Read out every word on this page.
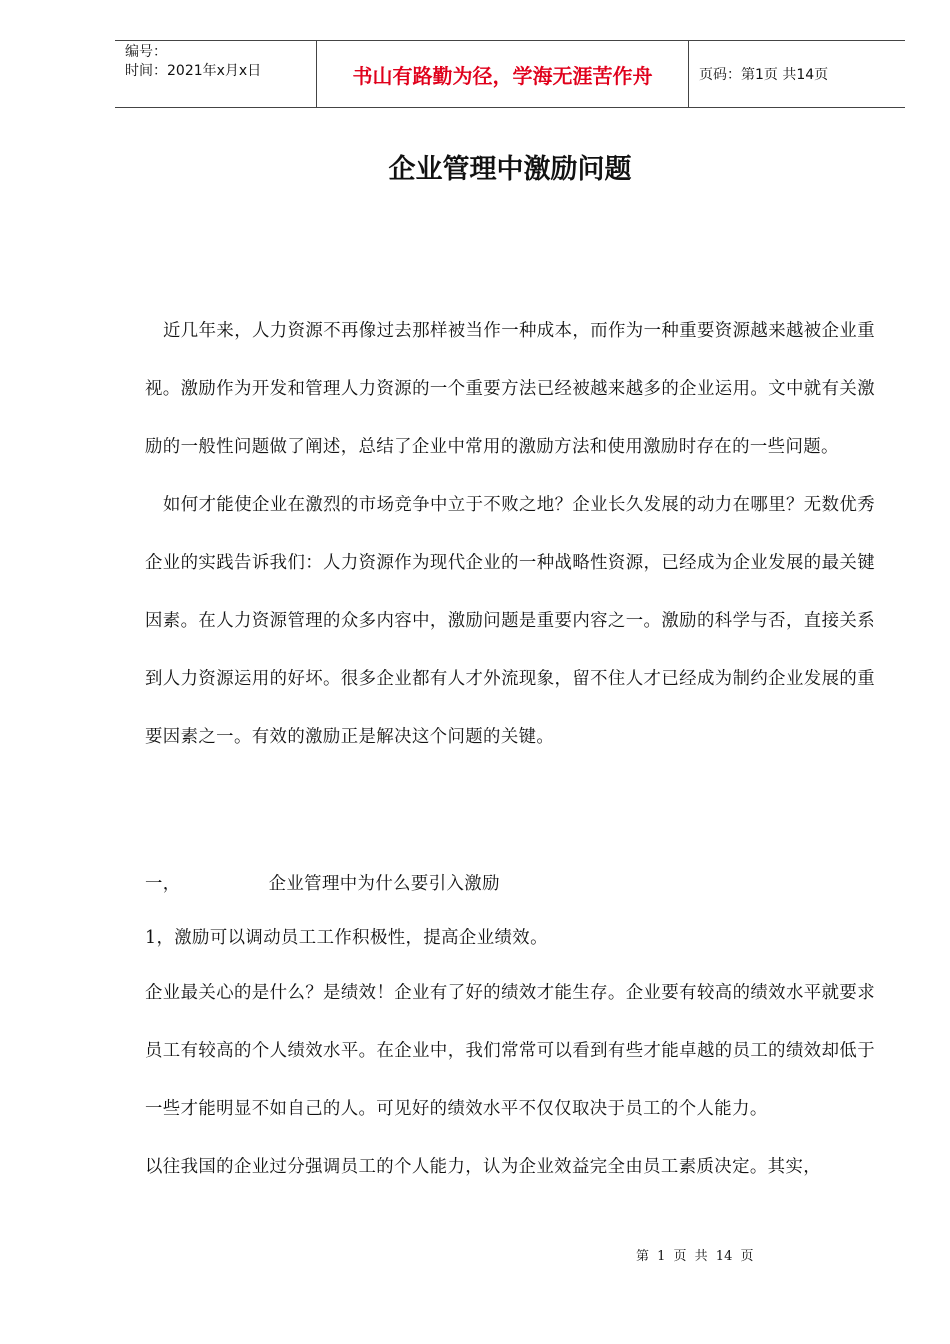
编号：
时间：2021年x月x日	书山有路勤为径，学海无涯苦作舟	页码：第1页 共14页
企业管理中激励问题

近几年来，人力资源不再像过去那样被当作一种成本，而作为一种重要资源越来越被企业重视。激励作为开发和管理人力资源的一个重要方法已经被越来越多的企业运用。文中就有关激励的一般性问题做了阐述，总结了企业中常用的激励方法和使用激励时存在的一些问题。

如何才能使企业在激烈的市场竞争中立于不败之地？企业长久发展的动力在哪里？无数优秀企业的实践告诉我们：人力资源作为现代企业的一种战略性资源，已经成为企业发展的最关键因素。在人力资源管理的众多内容中，激励问题是重要内容之一。激励的科学与否，直接关系到人力资源运用的好坏。很多企业都有人才外流现象，留不住人才已经成为制约企业发展的重要因素之一。有效的激励正是解决这个问题的关键。

一，	企业管理中为什么要引入激励

1，激励可以调动员工工作积极性，提高企业绩效。

企业最关心的是什么？是绩效！企业有了好的绩效才能生存。企业要有较高的绩效水平就要求员工有较高的个人绩效水平。在企业中，我们常常可以看到有些才能卓越的员工的绩效却低于一些才能明显不如自己的人。可见好的绩效水平不仅仅取决于员工的个人能力。

以往我国的企业过分强调员工的个人能力，认为企业效益完全由员工素质决定。其实，

第 1 页 共 14 页
